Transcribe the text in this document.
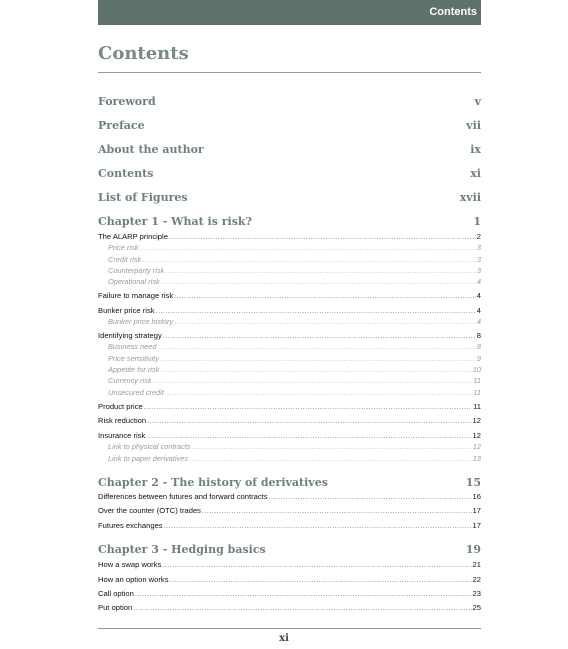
Contents
Contents
Foreword	v
Preface	vii
About the author	ix
Contents	xi
List of Figures	xvii
Chapter 1 - What is risk?	1
The ALARP principle .....	2
Price risk .....	3
Credit risk .....	3
Counterparty risk .....	3
Operational risk .....	4
Failure to manage risk .....	4
Bunker price risk .....	4
Bunker price history .....	4
Identifying strategy .....	8
Business need .....	8
Price sensitivity .....	9
Appetite for risk .....	10
Currency risk .....	11
Unsecured credit .....	11
Product price .....	11
Risk reduction .....	12
Insurance risk .....	12
Link to physical contracts .....	12
Link to paper derivatives .....	13
Chapter 2 - The history of derivatives	15
Differences between futures and forward contracts .....	16
Over the counter (OTC) trades .....	17
Futures exchanges .....	17
Chapter 3 - Hedging basics	19
How a swap works .....	21
How an option works .....	22
Call option .....	23
Put option .....	25
xi
